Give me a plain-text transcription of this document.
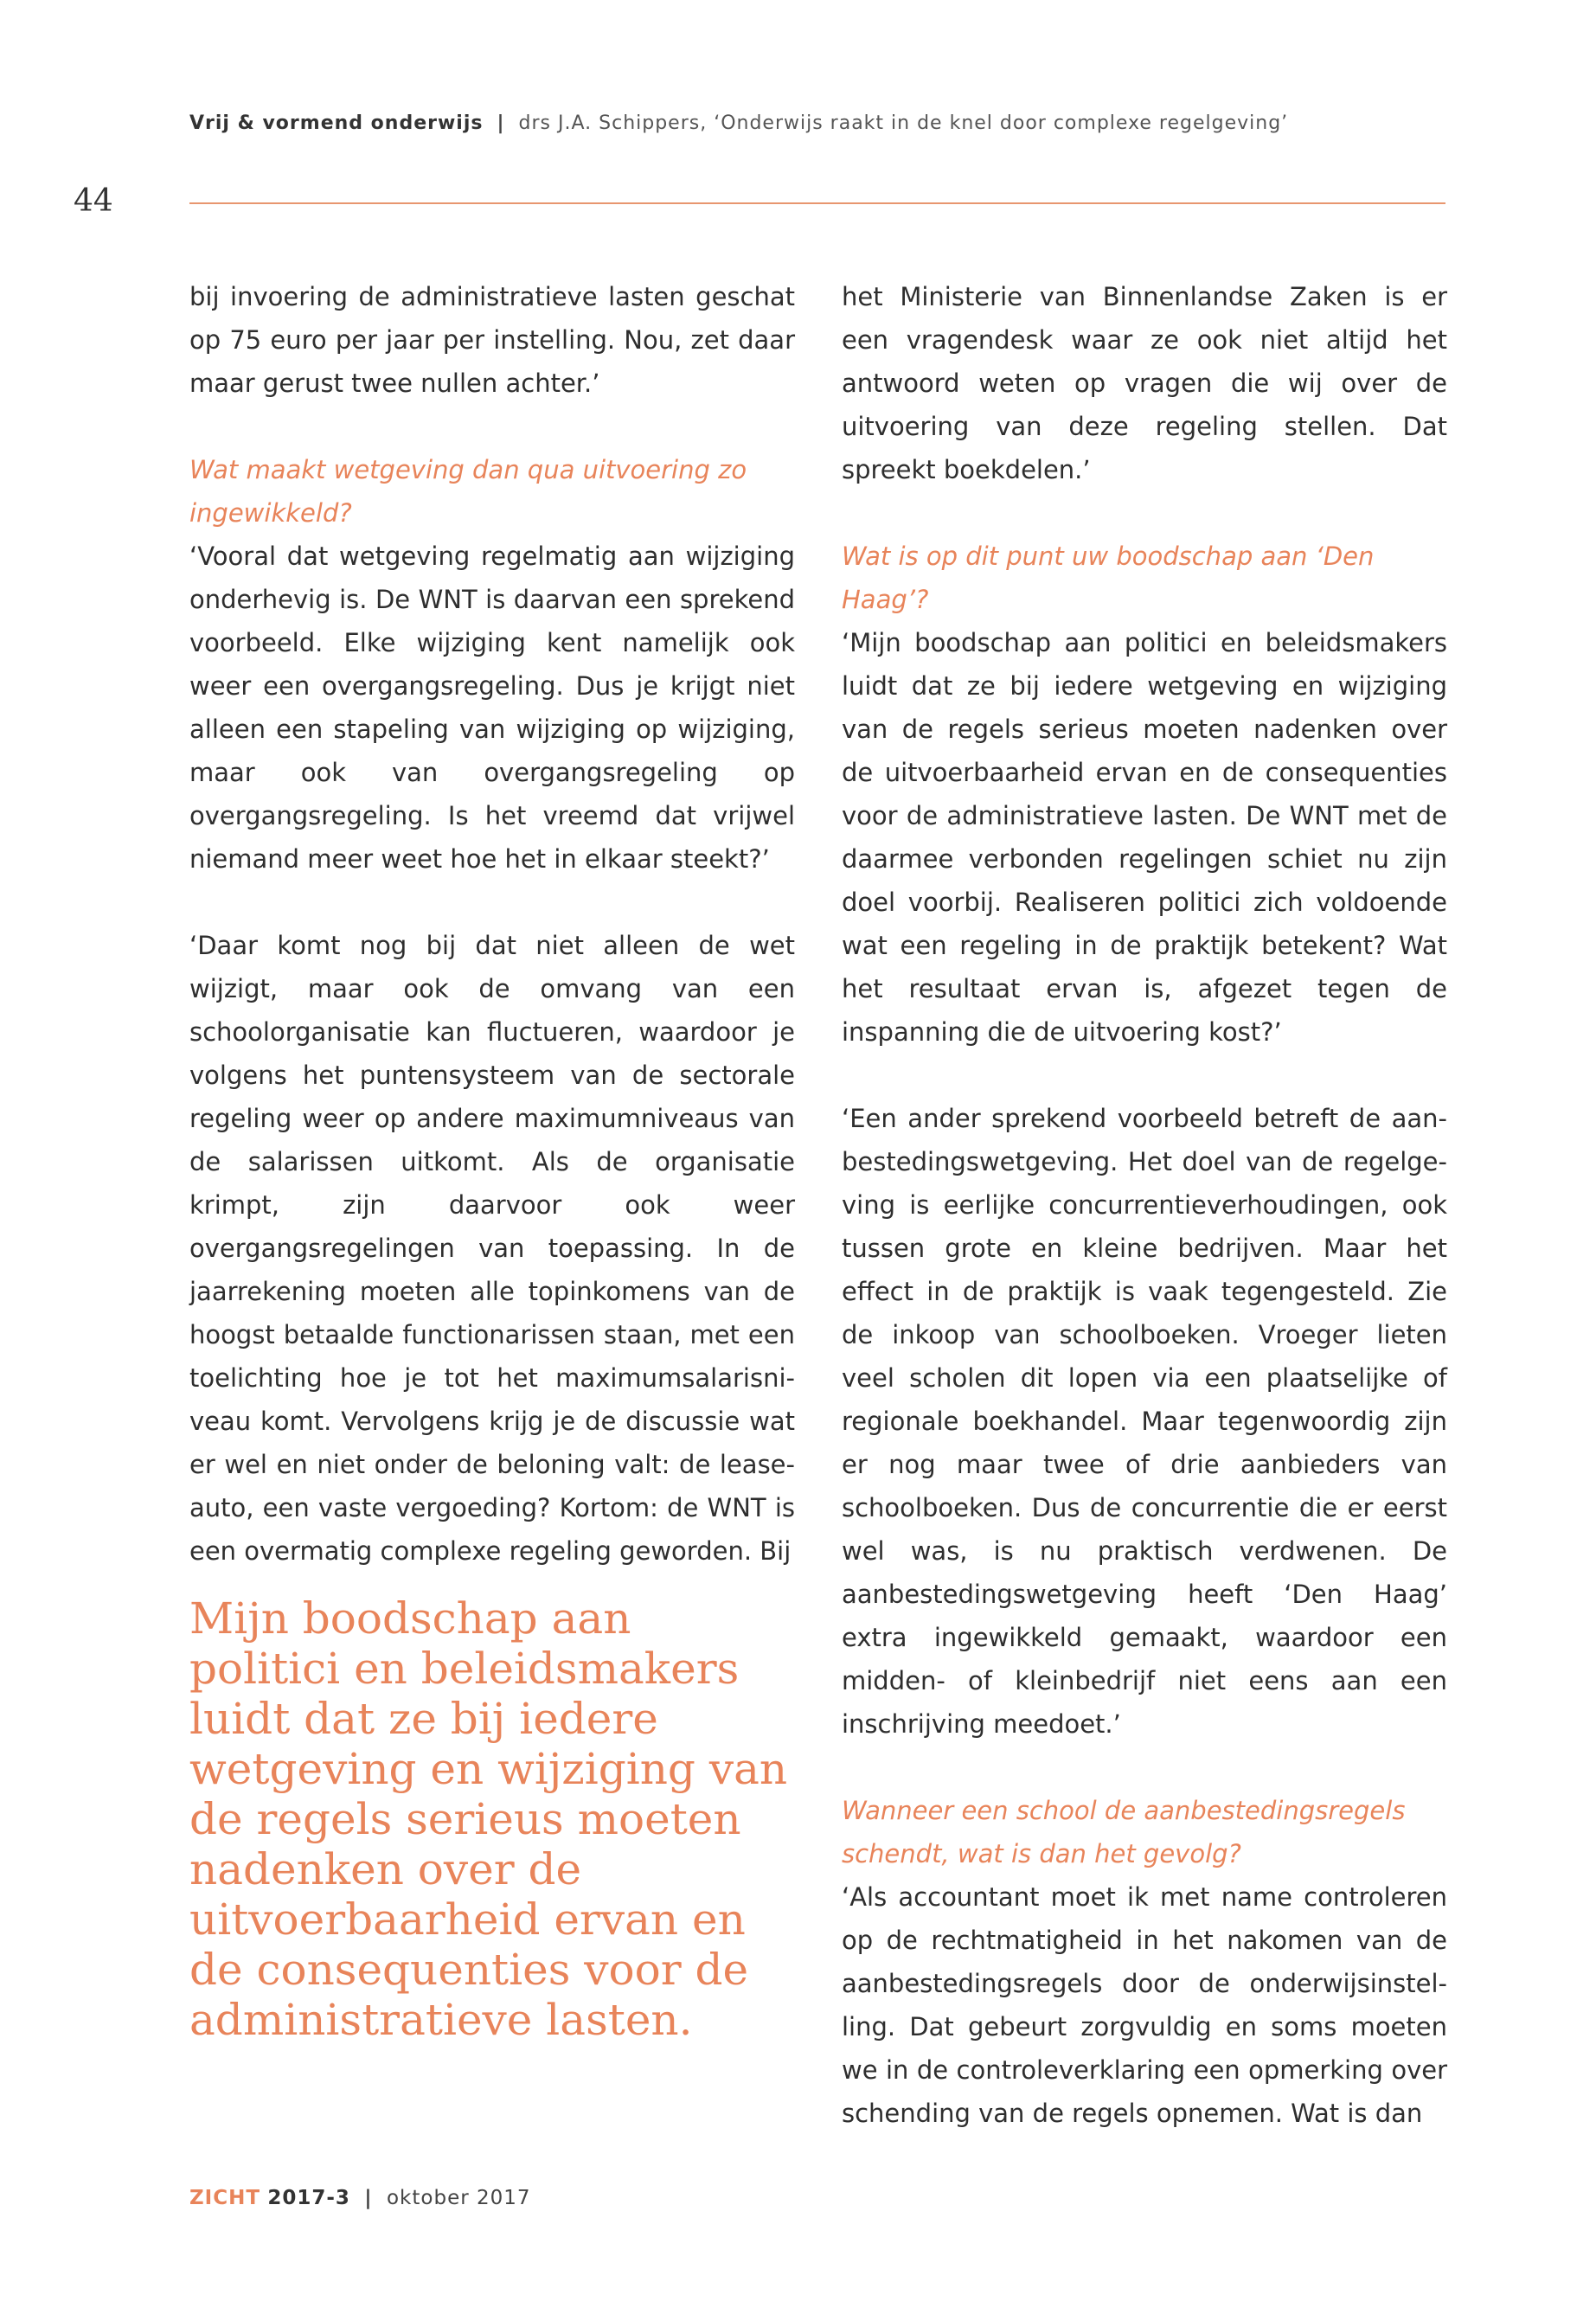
Vrij & vormend onderwijs | drs J.A. Schippers, ‘Onderwijs raakt in de knel door complexe regelgeving’
44

bij invoering de administratieve lasten geschat op 75 euro per jaar per instelling. Nou, zet daar maar gerust twee nullen achter.’

Wat maakt wetgeving dan qua uitvoering zo ingewikkeld?

‘Vooral dat wetgeving regelmatig aan wijziging onderhevig is. De WNT is daarvan een sprekend voorbeeld. Elke wijziging kent namelijk ook weer een overgangsregeling. Dus je krijgt niet alleen een stapeling van wijziging op wijziging, maar ook van overgangsregeling op overgangsregeling. Is het vreemd dat vrijwel niemand meer weet hoe het in elkaar steekt?’

‘Daar komt nog bij dat niet alleen de wet wijzigt, maar ook de omvang van een schoolorganisatie kan fluctueren, waardoor je volgens het puntensysteem van de sectorale regeling weer op andere maximumniveaus van de salarissen uitkomt. Als de organisatie krimpt, zijn daarvoor ook weer overgangsregelingen van toepassing. In de jaarrekening moeten alle topinkomens van de hoogst betaalde functionarissen staan, met een toelichting hoe je tot het maximumsalarisniveau komt. Vervolgens krijg je de discussie wat er wel en niet onder de beloning valt: de leaseauto, een vaste vergoeding? Kortom: de WNT is een overmatig complexe regeling geworden. Bij

Mijn boodschap aan politici en beleidsmakers luidt dat ze bij iedere wetgeving en wijziging van de regels serieus moeten nadenken over de uitvoerbaarheid ervan en de consequenties voor de administratieve lasten.

het Ministerie van Binnenlandse Zaken is er een vragendesk waar ze ook niet altijd het antwoord weten op vragen die wij over de uitvoering van deze regeling stellen. Dat spreekt boekdelen.’

Wat is op dit punt uw boodschap aan ‘Den Haag’?

‘Mijn boodschap aan politici en beleidsmakers luidt dat ze bij iedere wetgeving en wijziging van de regels serieus moeten nadenken over de uitvoerbaarheid ervan en de consequenties voor de administratieve lasten. De WNT met de daarmee verbonden regelingen schiet nu zijn doel voorbij. Realiseren politici zich voldoende wat een regeling in de praktijk betekent? Wat het resultaat ervan is, afgezet tegen de inspanning die de uitvoering kost?’

‘Een ander sprekend voorbeeld betreft de aanbestedingswetgeving. Het doel van de regelgeving is eerlijke concurrentieverhoudingen, ook tussen grote en kleine bedrijven. Maar het effect in de praktijk is vaak tegengesteld. Zie de inkoop van schoolboeken. Vroeger lieten veel scholen dit lopen via een plaatselijke of regionale boekhandel. Maar tegenwoordig zijn er nog maar twee of drie aanbieders van schoolboeken. Dus de concurrentie die er eerst wel was, is nu praktisch verdwenen. De aanbestedingswetgeving heeft ‘Den Haag’ extra ingewikkeld gemaakt, waardoor een midden- of kleinbedrijf niet eens aan een inschrijving meedoet.’

Wanneer een school de aanbestedingsregels schendt, wat is dan het gevolg?

‘Als accountant moet ik met name controleren op de rechtmatigheid in het nakomen van de aanbestedingsregels door de onderwijsinstelling. Dat gebeurt zorgvuldig en soms moeten we in de controleverklaring een opmerking over schending van de regels opnemen. Wat is dan

ZICHT 2017-3 | oktober 2017
